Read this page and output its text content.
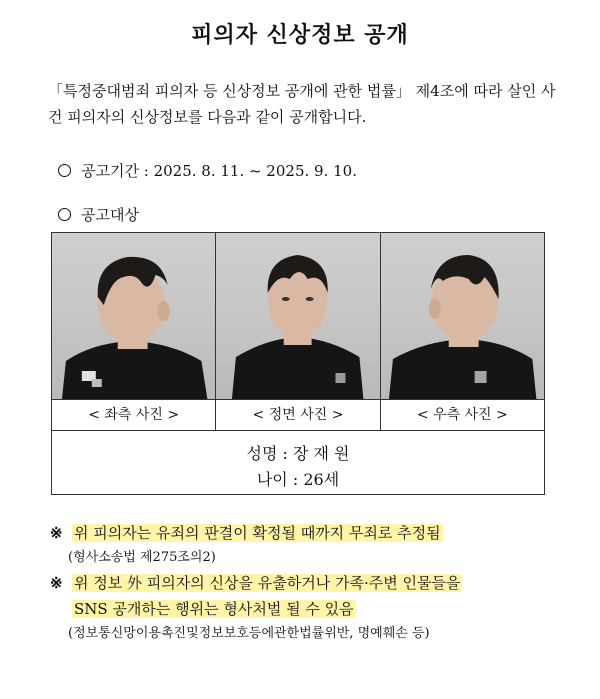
피의자 신상정보 공개
「특정중대범죄 피의자 등 신상정보 공개에 관한 법률」 제4조에 따라 살인 사건 피의자의 신상정보를 다음과 같이 공개합니다.
공고기간 : 2025. 8. 11. ~ 2025. 9. 10.
공고대상
< 좌측 사진 >	< 정면 사진 >	< 우측 사진 >
성명 : 장 재 원
나이 : 26세
※ 위 피의자는 유죄의 판결이 확정될 때까지 무죄로 추정됨
(형사소송법 제275조의2)
※ 위 정보 外 피의자의 신상을 유출하거나 가족·주변 인물들을
SNS 공개하는 행위는 형사처벌 될 수 있음
(정보통신망이용촉진및정보보호등에관한법률위반, 명예훼손 등)
